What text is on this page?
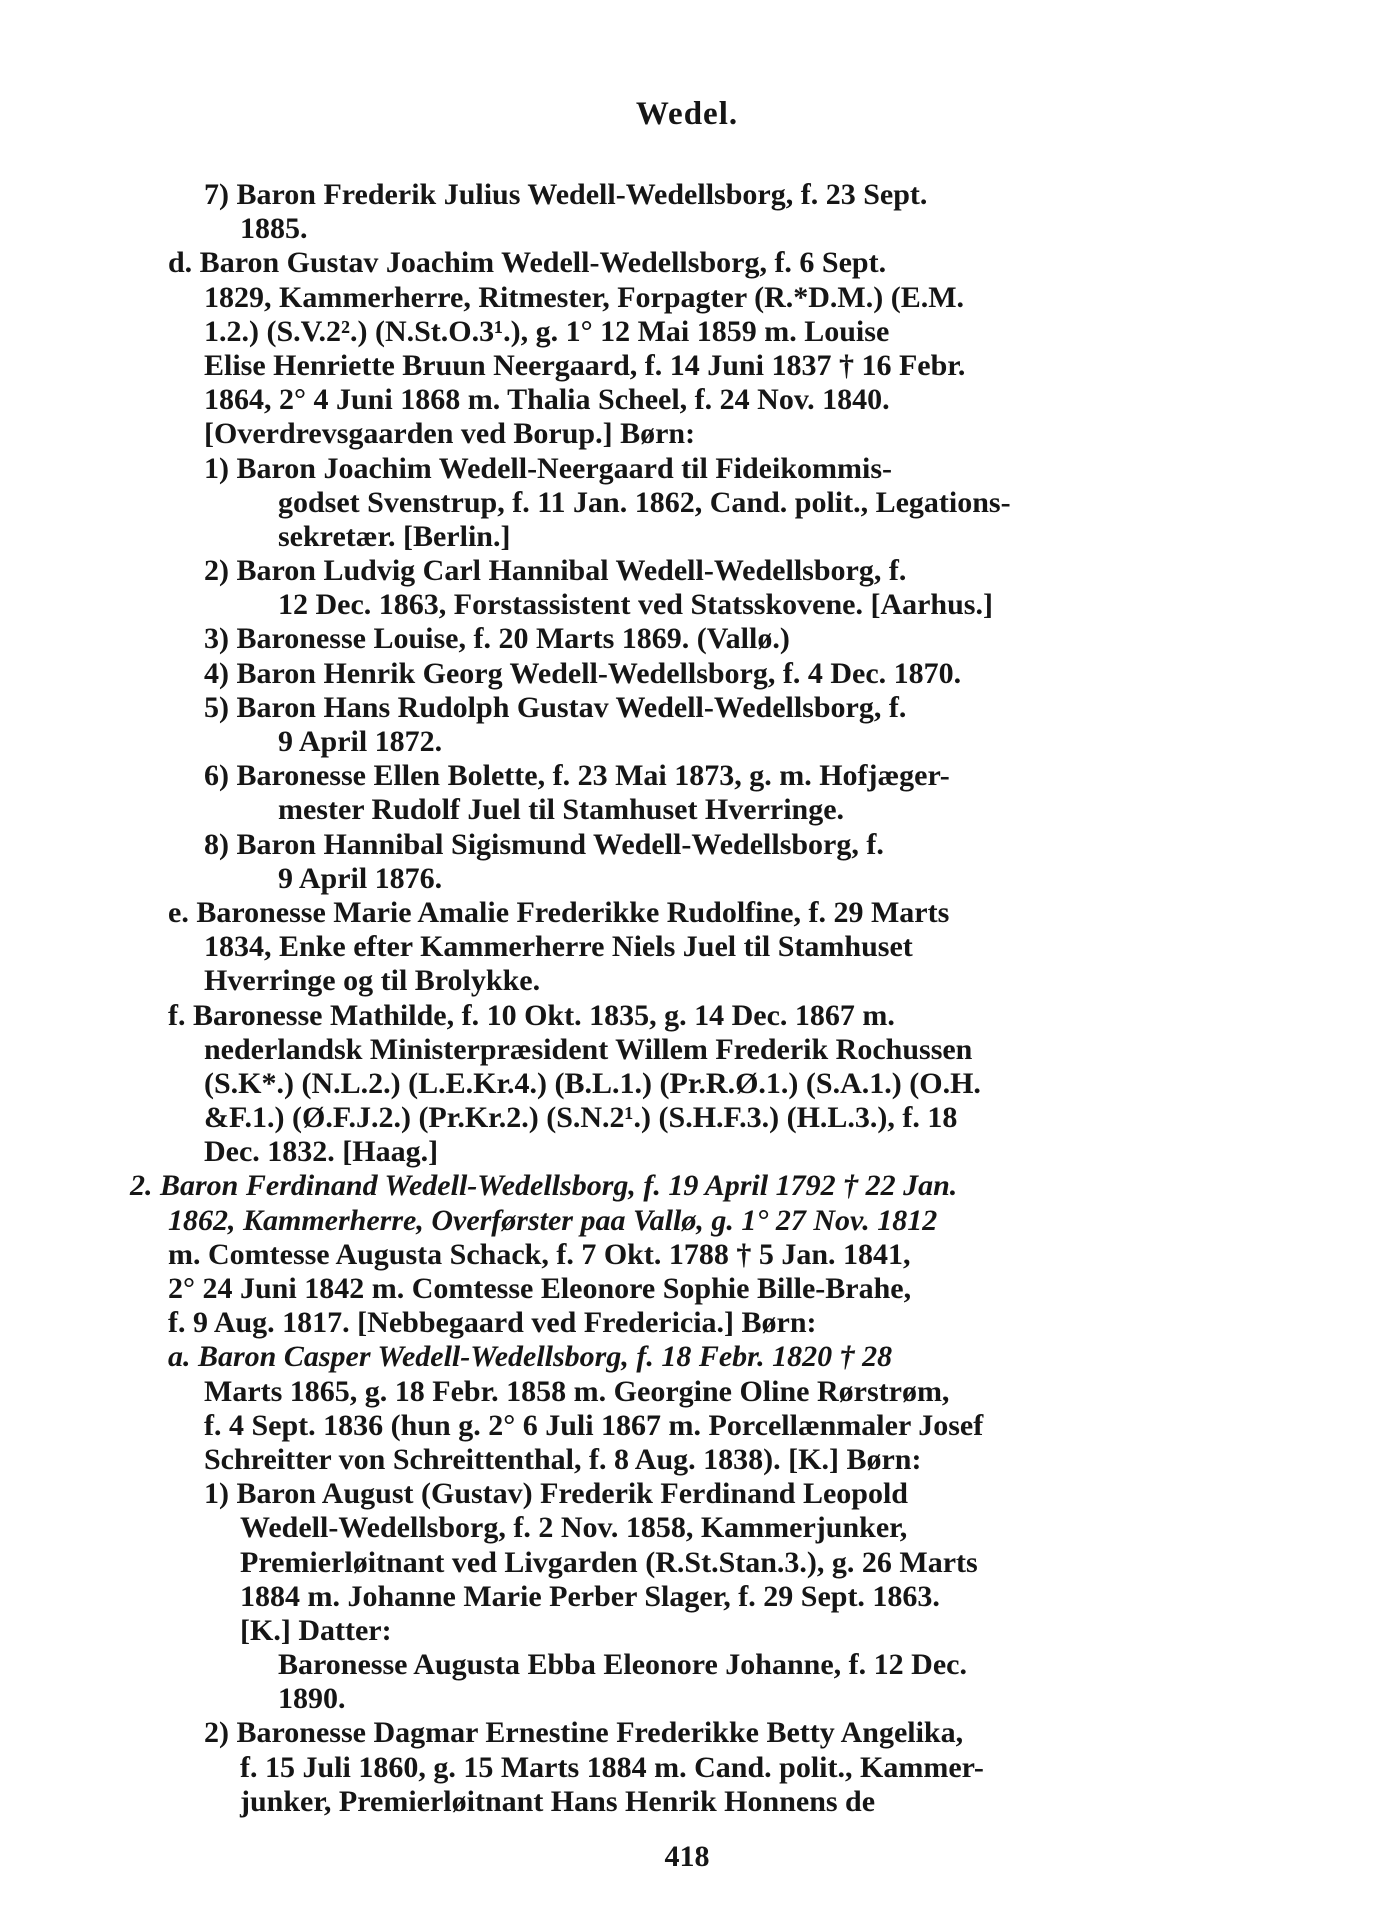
Wedel.
7) Baron Frederik Julius Wedell-Wedellsborg, f. 23 Sept.
1885.
d. Baron Gustav Joachim Wedell-Wedellsborg, f. 6 Sept.
1829, Kammerherre, Ritmester, Forpagter (R.*D.M.) (E.M.
1.2.) (S.V.2².) (N.St.O.3¹.), g. 1° 12 Mai 1859 m. Louise
Elise Henriette Bruun Neergaard, f. 14 Juni 1837 † 16 Febr.
1864, 2° 4 Juni 1868 m. Thalia Scheel, f. 24 Nov. 1840.
[Overdrevsgaarden ved Borup.] Børn:
1) Baron Joachim Wedell-Neergaard til Fideikommis-
godset Svenstrup, f. 11 Jan. 1862, Cand. polit., Legations-
sekretær. [Berlin.]
2) Baron Ludvig Carl Hannibal Wedell-Wedellsborg, f.
12 Dec. 1863, Forstassistent ved Statsskovene. [Aarhus.]
3) Baronesse Louise, f. 20 Marts 1869. (Vallø.)
4) Baron Henrik Georg Wedell-Wedellsborg, f. 4 Dec. 1870.
5) Baron Hans Rudolph Gustav Wedell-Wedellsborg, f.
9 April 1872.
6) Baronesse Ellen Bolette, f. 23 Mai 1873, g. m. Hofjæger-
mester Rudolf Juel til Stamhuset Hverringe.
8) Baron Hannibal Sigismund Wedell-Wedellsborg, f.
9 April 1876.
e. Baronesse Marie Amalie Frederikke Rudolfine, f. 29 Marts
1834, Enke efter Kammerherre Niels Juel til Stamhuset
Hverringe og til Brolykke.
f. Baronesse Mathilde, f. 10 Okt. 1835, g. 14 Dec. 1867 m.
nederlandsk Ministerpræsident Willem Frederik Rochussen
(S.K*.) (N.L.2.) (L.E.Kr.4.) (B.L.1.) (Pr.R.Ø.1.) (S.A.1.) (O.H.
&F.1.) (Ø.F.J.2.) (Pr.Kr.2.) (S.N.2¹.) (S.H.F.3.) (H.L.3.), f. 18
Dec. 1832. [Haag.]
2. Baron Ferdinand Wedell-Wedellsborg, f. 19 April 1792 † 22 Jan.
1862, Kammerherre, Overførster paa Vallø, g. 1° 27 Nov. 1812
m. Comtesse Augusta Schack, f. 7 Okt. 1788 † 5 Jan. 1841,
2° 24 Juni 1842 m. Comtesse Eleonore Sophie Bille-Brahe,
f. 9 Aug. 1817. [Nebbegaard ved Fredericia.] Børn:
a. Baron Casper Wedell-Wedellsborg, f. 18 Febr. 1820 † 28
Marts 1865, g. 18 Febr. 1858 m. Georgine Oline Rørstrøm,
f. 4 Sept. 1836 (hun g. 2° 6 Juli 1867 m. Porcellænmaler Josef
Schreitter von Schreittenthal, f. 8 Aug. 1838). [K.] Børn:
1) Baron August (Gustav) Frederik Ferdinand Leopold
Wedell-Wedellsborg, f. 2 Nov. 1858, Kammerjunker,
Premierløitnant ved Livgarden (R.St.Stan.3.), g. 26 Marts
1884 m. Johanne Marie Perber Slager, f. 29 Sept. 1863.
[K.] Datter:
Baronesse Augusta Ebba Eleonore Johanne, f. 12 Dec.
1890.
2) Baronesse Dagmar Ernestine Frederikke Betty Angelika,
f. 15 Juli 1860, g. 15 Marts 1884 m. Cand. polit., Kammer-
junker, Premierløitnant Hans Henrik Honnens de
418
